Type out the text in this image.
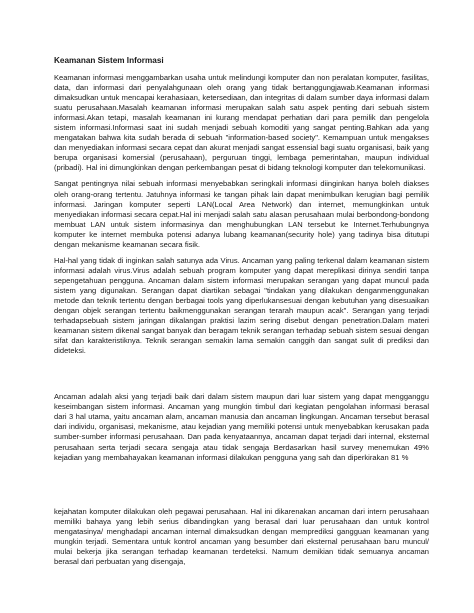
Keamanan Sistem Informasi

Keamanan informasi menggambarkan usaha untuk melindungi komputer dan non peralatan komputer, fasilitas, data, dan informasi dari penyalahgunaan oleh orang yang tidak bertanggungjawab.Keamanan informasi dimaksudkan untuk mencapai kerahasiaan, ketersediaan, dan integritas di dalam sumber daya informasi dalam suatu perusahaan.Masalah keamanan informasi merupakan salah satu aspek penting dari sebuah sistem informasi.Akan tetapi, masalah keamanan ini kurang mendapat perhatian dari para pemilik dan pengelola sistem informasi.Informasi saat ini sudah menjadi sebuah komoditi yang sangat penting.Bahkan ada yang mengatakan bahwa kita sudah berada di sebuah "information-based society". Kemampuan untuk mengakses dan menyediakan informasi secara cepat dan akurat menjadi sangat essensial bagi suatu organisasi, baik yang berupa organisasi komersial (perusahaan), perguruan tinggi, lembaga pemerintahan, maupun individual (pribadi). Hal ini dimungkinkan dengan perkembangan pesat di bidang teknologi komputer dan telekomunikasi.

Sangat pentingnya nilai sebuah informasi menyebabkan seringkali informasi diinginkan hanya boleh diakses oleh orang-orang tertentu. Jatuhnya informasi ke tangan pihak lain dapat menimbulkan kerugian bagi pemilik informasi. Jaringan komputer seperti LAN(Local Area Network) dan internet, memungkinkan untuk menyediakan informasi secara cepat.Hal ini menjadi salah satu alasan perusahaan mulai berbondong-bondong membuat LAN untuk sistem informasinya dan menghubungkan LAN tersebut ke Internet.Terhubungnya komputer ke internet membuka potensi adanya lubang keamanan(security hole) yang tadinya bisa ditutupi dengan mekanisme keamanan secara fisik.

Hal-hal yang tidak di inginkan salah satunya ada Virus. Ancaman yang paling terkenal dalam keamanan sistem informasi adalah virus.Virus adalah sebuah program komputer yang dapat mereplikasi dirinya sendiri tanpa sepengetahuan pengguna. Ancaman dalam sistem informasi merupakan serangan yang dapat muncul pada sistem yang digunakan. Serangan dapat diartikan sebagai "tindakan yang dilakukan denganmenggunakan metode dan teknik tertentu dengan berbagai tools yang diperlukansesuai dengan kebutuhan yang disesuaikan dengan objek serangan tertentu baikmenggunakan serangan terarah maupun acak". Serangan yang terjadi terhadapsebuah sistem jaringan dikalangan praktisi lazim sering disebut dengan penetration.Dalam materi keamanan sistem dikenal sangat banyak dan beragam teknik serangan terhadap sebuah sistem sesuai dengan sifat dan karakteristiknya. Teknik serangan semakin lama semakin canggih dan sangat sulit di prediksi dan dideteksi.

Ancaman adalah aksi yang terjadi baik dari dalam sistem maupun dari luar sistem yang dapat mengganggu keseimbangan sistem informasi. Ancaman yang mungkin timbul dari kegiatan pengolahan informasi berasal dari 3 hal utama, yaitu ancaman alam, ancaman manusia dan ancaman lingkungan. Ancaman tersebut berasal dari individu, organisasi, mekanisme, atau kejadian yang memiliki potensi untuk menyebabkan kerusakan pada sumber-sumber informasi perusahaan. Dan pada kenyataannya, ancaman dapat terjadi dari internal, eksternal perusahaan serta terjadi secara sengaja atau tidak sengaja Berdasarkan hasil survey menemukan 49% kejadian yang membahayakan keamanan informasi dilakukan pengguna yang sah dan diperkirakan 81 %

kejahatan komputer dilakukan oleh pegawai perusahaan. Hal ini dikarenakan ancaman dari intern perusahaan memiliki bahaya yang lebih serius dibandingkan yang berasal dari luar perusahaan dan untuk kontrol mengatasinya/ menghadapi ancaman internal dimaksudkan dengan memprediksi gangguan keamanan yang mungkin terjadi. Sementara untuk kontrol ancaman yang besumber dari eksternal perusahaan baru muncul/ mulai bekerja jika serangan terhadap keamanan terdeteksi. Namum demikian tidak semuanya ancaman berasal dari perbuatan yang disengaja,
